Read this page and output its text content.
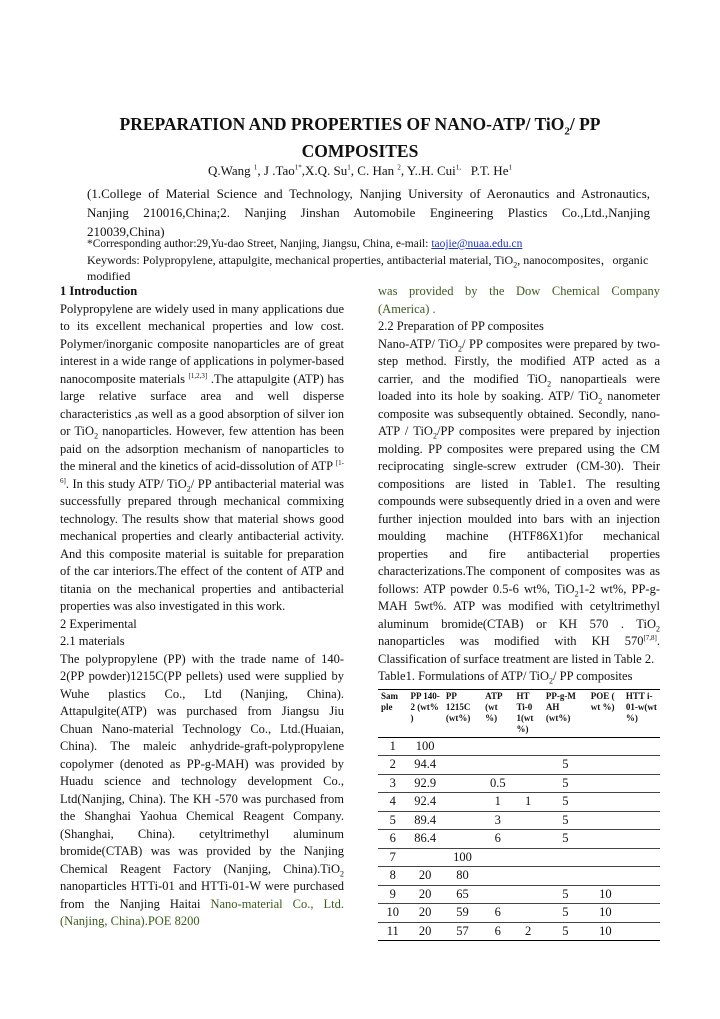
PREPARATION AND PROPERTIES OF NANO-ATP/ TiO$_2$/ PP
COMPOSITES
Q.Wang $^1$, J .Tao$^{1*}$,X.Q. Su$^1$, C. Han $^2$, Y..H. Cui$^{1,}$   P.T. He$^1$
(1.College of Material Science and Technology, Nanjing University of Aeronautics and Astronautics, Nanjing 210016,China;2. Nanjing Jinshan Automobile Engineering Plastics Co.,Ltd.,Nanjing 210039,China)
*Corresponding author:29,Yu-dao Street, Nanjing, Jiangsu, China, e-mail: taojie@nuaa.edu.cn
Keywords: Polypropylene, attapulgite, mechanical properties, antibacterial material, TiO$_2$, nanocomposites，organic modified

1 Introduction

Polypropylene are widely used in many applications due to its excellent mechanical properties and low cost. Polymer/inorganic composite nanoparticles are of great interest in a wide range of applications in polymer-based nanocomposite materials [1,2,3] .The attapulgite (ATP) has large relative surface area and well disperse characteristics ,as well as a good absorption of silver ion or TiO$_2$ nanoparticles. However, few attention has been paid on the adsorption mechanism of nanoparticles to the mineral and the kinetics of acid-dissolution of ATP [1-6]. In this study ATP/ TiO$_2$/ PP antibacterial material was successfully prepared through mechanical commixing technology. The results show that material shows good mechanical properties and clearly antibacterial activity. And this composite material is suitable for preparation of the car interiors.The effect of the content of ATP and titania on the mechanical properties and antibacterial properties was also investigated in this work.

2 Experimental

2.1 materials

The polypropylene (PP) with the trade name of 140-2(PP powder)1215C(PP pellets) used were supplied by Wuhe plastics Co., Ltd (Nanjing, China). Attapulgite(ATP) was purchased from Jiangsu Jiu Chuan Nano-material Technology Co., Ltd.(Huaian, China). The maleic anhydride-graft-polypropylene copolymer (denoted as PP-g-MAH) was provided by Huadu science and technology development Co., Ltd(Nanjing, China). The KH -570 was purchased from the Shanghai Yaohua Chemical Reagent Company.(Shanghai, China). cetyltrimethyl aluminum bromide(CTAB) was was provided by the Nanjing Chemical Reagent Factory (Nanjing, China).TiO$_2$ nanoparticles HTTi-01 and HTTi-01-W were purchased from the Nanjing Haitai Nano-material Co., Ltd. (Nanjing, China).POE 8200

was provided by the Dow Chemical Company (America) .

2.2 Preparation of PP composites

Nano-ATP/ TiO$_2$/ PP composites were prepared by two-step method. Firstly, the modified ATP acted as a carrier, and the modified TiO$_2$ nanopartieals were loaded into its hole by soaking. ATP/ TiO$_2$ nanometer composite was subsequently obtained. Secondly, nano-ATP / TiO$_2$/PP composites were prepared by injection molding. PP composites were prepared using the CM reciprocating single-screw extruder (CM-30). Their compositions are listed in Table1. The resulting compounds were subsequently dried in a oven and were further injection moulded into bars with an injection moulding machine (HTF86X1)for mechanical properties and fire antibacterial properties characterizations.The component of composites was as follows: ATP powder 0.5-6 wt%, TiO$_2$1-2 wt%, PP-g-MAH 5wt%. ATP was modified with cetyltrimethyl aluminum bromide(CTAB) or KH 570 . TiO$_2$ nanoparticles was modified with KH 570[7,8]. Classification of surface treatment are listed in Table 2.

Table1. Formulations of ATP/ TiO$_2$/ PP composites

Sam ple	PP 140-2 (wt% )	PP 1215C (wt%)	ATP (wt %)	HT Ti-0 1(wt %)	PP-g-M AH (wt%)	POE ( wt %)	HTT i-01-w(wt %)
1	100						
2	94.4				5		
3	92.9		0.5		5		
4	92.4		1	1	5		
5	89.4		3		5		
6	86.4		6		5		
7		100					
8	20	80					
9	20	65			5	10	
10	20	59	6		5	10	
11	20	57	6	2	5	10	
